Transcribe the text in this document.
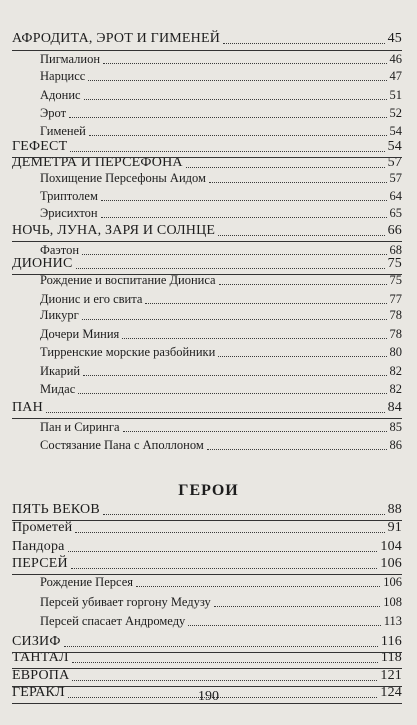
АФРОДИТА, ЭРОТ И ГИМЕНЕЙ	45
Пигмалион	46
Нарцисс	47
Адонис	51
Эрот	52
Гименей	54
ГЕФЕСТ	54
ДЕМЕТРА И ПЕРСЕФОНА	57
Похищение Персефоны Аидом	57
Триптолем	64
Эрисихтон	65
НОЧЬ, ЛУНА, ЗАРЯ И СОЛНЦЕ	66
Фаэтон	68
ДИОНИС	75
Рождение и воспитание Диониса	75
Дионис и его свита	77
Ликург	78
Дочери Миния	78
Тирренские морские разбойники	80
Икарий	82
Мидас	82
ПАН	84
Пан и Сиринга	85
Состязание Пана с Аполлоном	86
ПЯТЬ ВЕКОВ	88
Прометей	91
Пандора	104
ПЕРСЕЙ	106
Рождение Персея	106
Персей убивает горгону Медузу	108
Персей спасает Андромеду	113
СИЗИФ	116
ТАНТАЛ	118
ЕВРОПА	121
ГЕРАКЛ	124
ГЕРОИ
190
